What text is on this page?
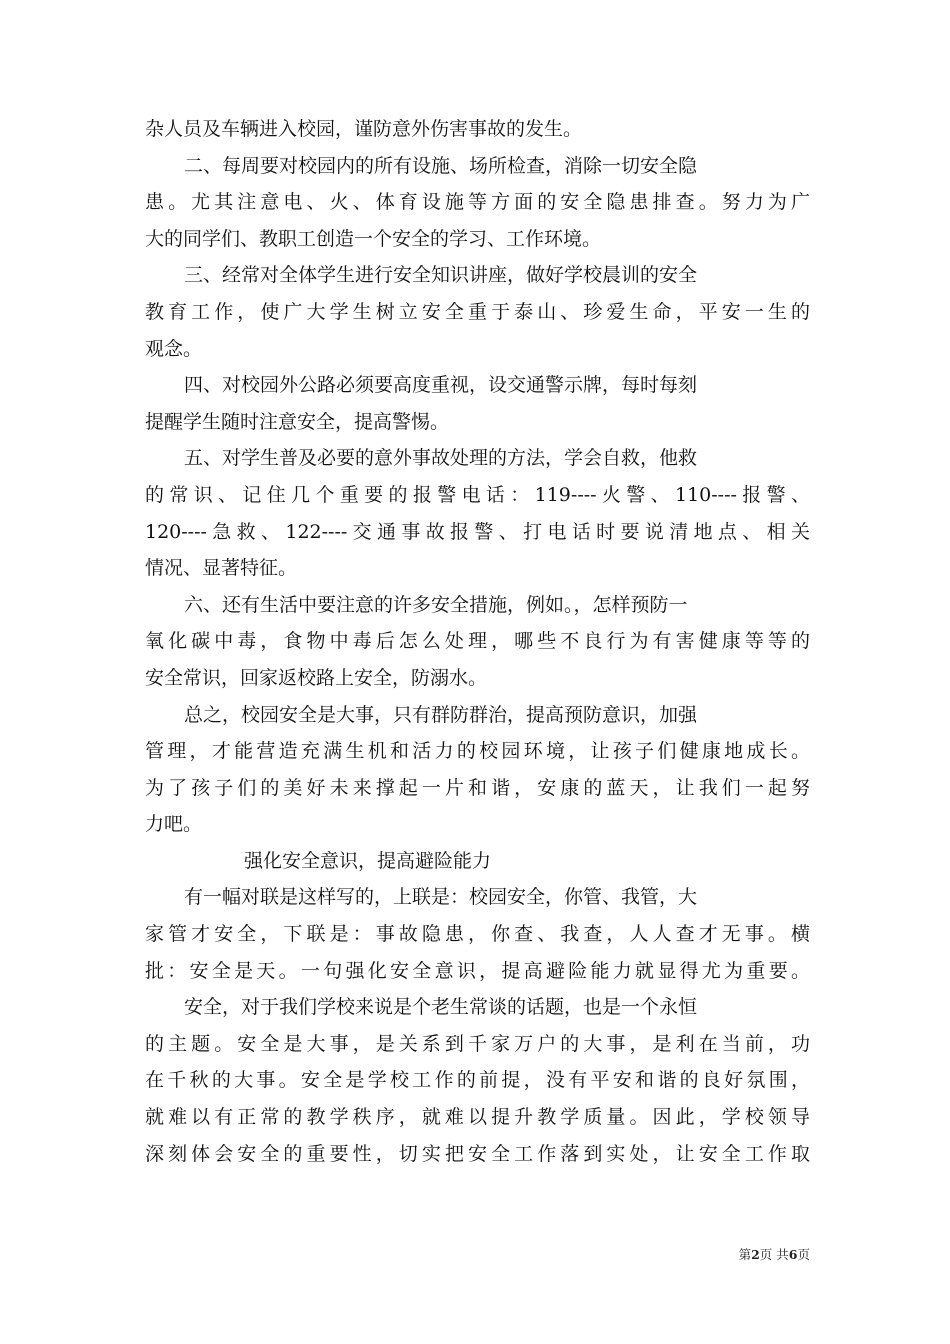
杂人员及车辆进入校园，谨防意外伤害事故的发生。
二、每周要对校园内的所有设施、场所检查，消除一切安全隐
患。尤其注意电、火、体育设施等方面的安全隐患排查。努力为广
大的同学们、教职工创造一个安全的学习、工作环境。
三、经常对全体学生进行安全知识讲座，做好学校晨训的安全
教育工作，使广大学生树立安全重于泰山、珍爱生命，平安一生的
观念。
四、对校园外公路必须要高度重视，设交通警示牌，每时每刻
提醒学生随时注意安全，提高警惕。
五、对学生普及必要的意外事故处理的方法，学会自救，他救
的常识、记住几个重要的报警电话：119----火警、110----报警、
120----急救、122----交通事故报警、打电话时要说清地点、相关
情况、显著特征。
六、还有生活中要注意的许多安全措施，例如。，怎样预防一
氧化碳中毒，食物中毒后怎么处理，哪些不良行为有害健康等等的
安全常识，回家返校路上安全，防溺水。
总之，校园安全是大事，只有群防群治，提高预防意识，加强
管理，才能营造充满生机和活力的校园环境，让孩子们健康地成长。
为了孩子们的美好未来撑起一片和谐，安康的蓝天，让我们一起努
力吧。
强化安全意识，提高避险能力
有一幅对联是这样写的，上联是：校园安全，你管、我管，大
家管才安全，下联是：事故隐患，你查、我查，人人查才无事。横
批：安全是天。一句强化安全意识，提高避险能力就显得尤为重要。
安全，对于我们学校来说是个老生常谈的话题，也是一个永恒
的主题。安全是大事，是关系到千家万户的大事，是利在当前，功
在千秋的大事。安全是学校工作的前提，没有平安和谐的良好氛围，
就难以有正常的教学秩序，就难以提升教学质量。因此，学校领导
深刻体会安全的重要性，切实把安全工作落到实处，让安全工作取
第2页 共6页
